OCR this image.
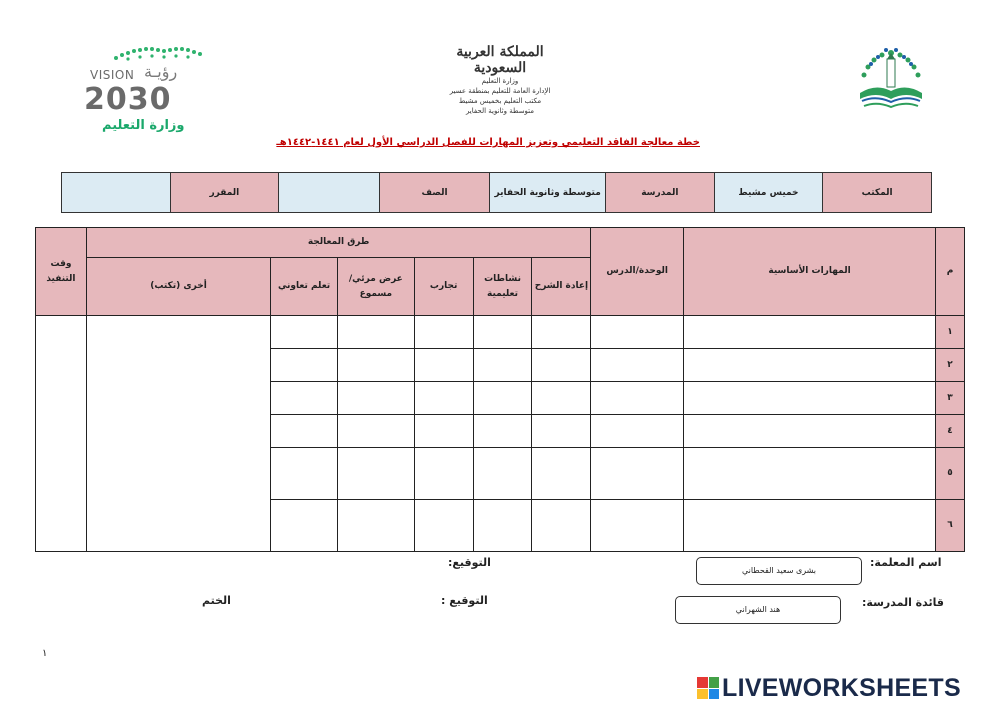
VISION رؤيـة
2030
وزارة التعليم
المملكة العربية السعودية
وزارة التعليم
الإدارة العامة للتعليم بمنطقة عسير
مكتب التعليم بخميس مشيط
متوسطة وثانوية الحفاير
خطة معالجة الفاقد التعليمي وتعزيز المهارات للفصل الدراسي الأول لعام ١٤٤١-١٤٤٢هـ
	المقرر		الصف	متوسطة وثانوية الحفاير	المدرسة	خميس مشيط	المكتب
وقت التنفيذ	طرق المعالجة						الوحدة/الدرس	المهارات الأساسية	م
	أخرى (تكتب)	تعلم تعاوني	عرض مرئي/مسموع	تجارب	نشاطات تعليمية	إعادة الشرح			
									١
									٢
									٣
									٤
									٥
									٦
اسم المعلمة:
بشرى سعيد القحطاني
التوقيع:
قائدة المدرسة:
هند الشهراني
التوقيع :
الختم
١
LIVEWORKSHEETS
